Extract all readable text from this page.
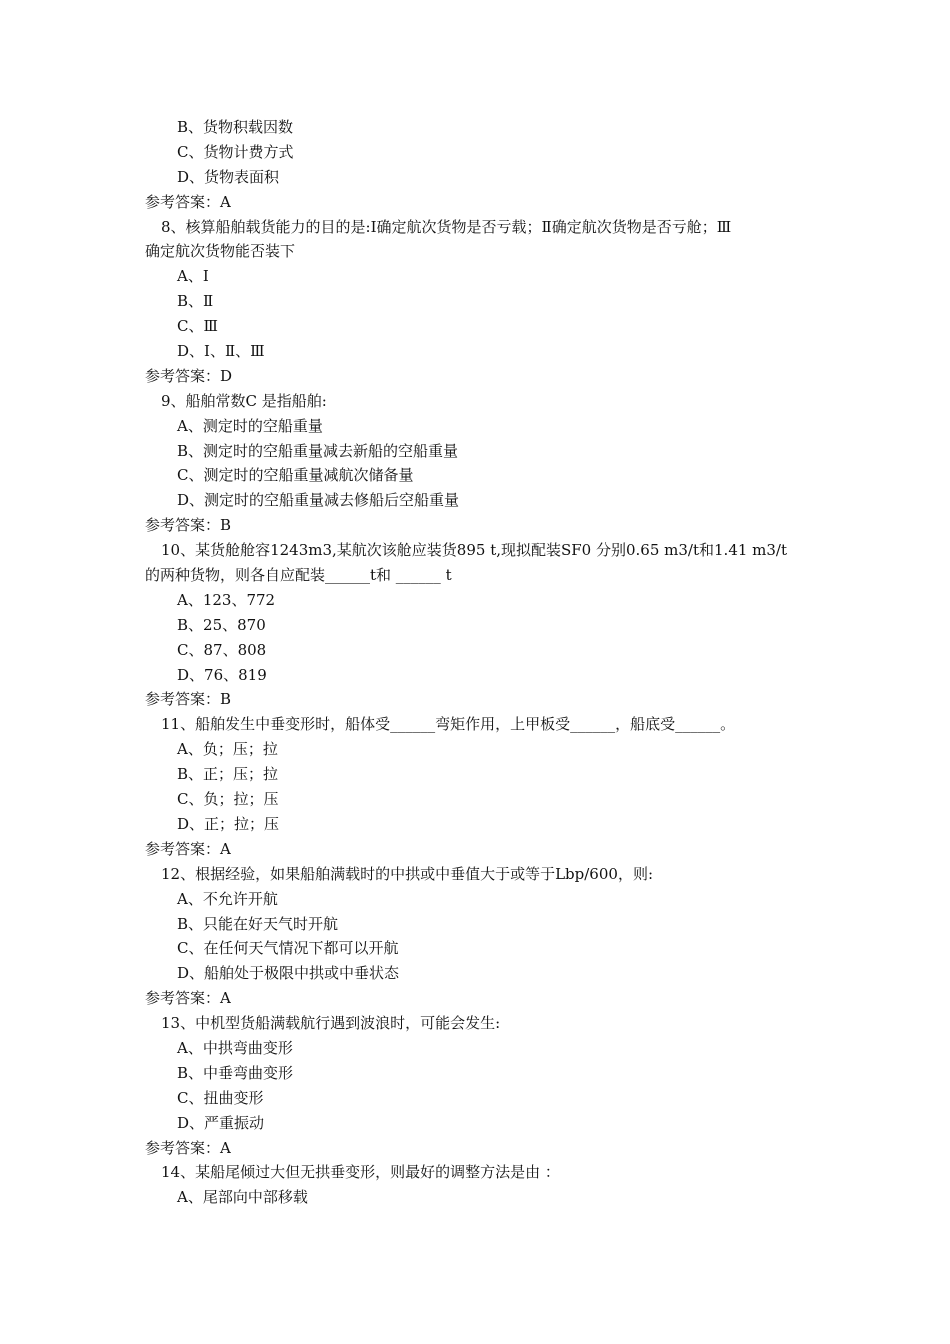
B、货物积载因数
C、货物计费方式
D、货物表面积
参考答案：A
8、核算船舶载货能力的目的是:Ⅰ确定航次货物是否亏载；Ⅱ确定航次货物是否亏舱；Ⅲ
确定航次货物能否装下
A、Ⅰ
B、Ⅱ
C、Ⅲ
D、Ⅰ、Ⅱ、Ⅲ
参考答案：D
9、船舶常数C 是指船舶:
A、测定时的空船重量
B、测定时的空船重量减去新船的空船重量
C、测定时的空船重量减航次储备量
D、测定时的空船重量减去修船后空船重量
参考答案：B
10、某货舱舱容1243m3,某航次该舱应装货895 t,现拟配装SF0 分别0.65 m3/t和1.41 m3/t
的两种货物，则各自应配装______t和 ______ t
A、123、772
B、25、870
C、87、808
D、76、819
参考答案：B
11、船舶发生中垂变形时，船体受______弯矩作用，上甲板受______，船底受______。
A、负；压；拉
B、正；压；拉
C、负；拉；压
D、正；拉；压
参考答案：A
12、根据经验，如果船舶满载时的中拱或中垂值大于或等于Lbp/600，则:
A、不允许开航
B、只能在好天气时开航
C、在任何天气情况下都可以开航
D、船舶处于极限中拱或中垂状态
参考答案：A
13、中机型货船满载航行遇到波浪时，可能会发生:
A、中拱弯曲变形
B、中垂弯曲变形
C、扭曲变形
D、严重振动
参考答案：A
14、某船尾倾过大但无拱垂变形，则最好的调整方法是由 ：
A、尾部向中部移载
